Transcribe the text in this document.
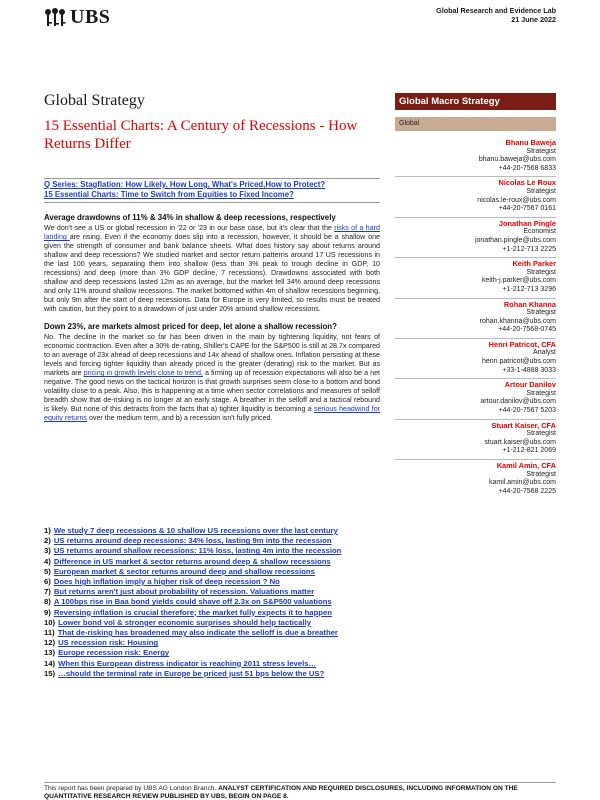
UBS	Global Research and Evidence Lab
21 June 2022
Global Strategy
15 Essential Charts: A Century of Recessions - How Returns Differ
Q Series: Stagflation: How Likely, How Long, What's Priced,How to Protect?
15 Essential Charts: Time to Switch from Equities to Fixed Income?
Average drawdowns of 11% & 34% in shallow & deep recessions, respectively

We don't see a US or global recession in '22 or '23 in our base case, but it's clear that the risks of a hard landing are rising. Even if the economy does slip into a recession, however, it should be a shallow one given the strength of consumer and bank balance sheets. What does history say about returns around shallow and deep recessions? We studied market and sector return patterns around 17 US recessions in the last 100 years, separating them into shallow (less than 3% peak to trough decline in GDP, 10 recessions) and deep (more than 3% GDP decline, 7 recessions). Drawdowns associated with both shallow and deep recessions lasted 12m as an average, but the market fell 34% around deep recessions and only 11% around shallow recessions. The market bottomed within 4m of shallow recessions beginning, but only 9m after the start of deep recessions. Data for Europe is very limited, so results must be treated with caution, but they point to a drawdown of just under 20% around shallow recessions.

Down 23%, are markets almost priced for deep, let alone a shallow recession?

No. The decline in the market so far has been driven in the main by tightening liquidity, not fears of economic contraction. Even after a 30% de-rating, Shiller's CAPE for the S&P500 is still at 28.7x compared to an average of 23x ahead of deep recessions and 14x ahead of shallow ones. Inflation persisting at these levels and forcing tighter liquidity than already priced is the greater (derating) risk to the market. But as markets are pricing in growth levels close to trend, a firming up of recession expectations will also be a net negative. The good news on the tactical horizon is that growth surprises seem close to a bottom and bond volatility close to a peak. Also, this is happening at a time when sector correlations and measures of selloff breadth show that de-risking is no longer at an early stage. A breather in the selloff and a tactical rebound is likely. But none of this detracts from the facts that a) tighter liquidity is becoming a serious headwind for equity returns over the medium term, and b) a recession isn't fully priced.

1) We study 7 deep recessions & 10 shallow US recessions over the last century
2) US returns around deep recessions: 34% loss, lasting 9m into the recession
3) US returns around shallow recessions: 11% loss, lasting 4m into the recession
4) Difference in US market & sector returns around deep & shallow recessions
5) European market & sector returns around deep and shallow recessions
6) Does high inflation imply a higher risk of deep recession ? No
7) But returns aren't just about probability of recession. Valuations matter
8) A 100bps rise in Baa bond yields could shave off 2.3x on S&P500 valuations
9) Reversing inflation is crucial therefore; the market fully expects it to happen
10) Lower bond vol & stronger economic surprises should help tactically
11) That de-risking has broadened may also indicate the selloff is due a breather
12) US recession risk: Housing
13) Europe recession risk: Energy
14) When this European distress indicator is reaching 2011 stress levels…
15) …should the terminal rate in Europe be priced just 51 bps below the US?
Global Macro Strategy
Global
Bhanu Baweja
Strategist
bhanu.baweja@ubs.com
+44-20-7568 6833
Nicolas Le Roux
Strategist
nicolas.le-roux@ubs.com
+44-20-7567 0161
Jonathan Pingle
Economist
jonathan.pingle@ubs.com
+1-212-713 2225
Keith Parker
Strategist
keith-j.parker@ubs.com
+1-212-713 3296
Rohan Khanna
Strategist
rohan.khanna@ubs.com
+44-20-7568-0745
Henri Patricot, CFA
Analyst
henri.patricot@ubs.com
+33-1-4888 3033
Artour Danilov
Strategist
artour.danilov@ubs.com
+44-20-7567 5203
Stuart Kaiser, CFA
Strategist
stuart.kaiser@ubs.com
+1-212-821 2069
Kamil Amin, CFA
Strategist
kamil.amin@ubs.com
+44-20-7568 2225
This report has been prepared by UBS AG London Branch. ANALYST CERTIFICATION AND REQUIRED DISCLOSURES, INCLUDING INFORMATION ON THE QUANTITATIVE RESEARCH REVIEW PUBLISHED BY UBS, BEGIN ON PAGE 8.
